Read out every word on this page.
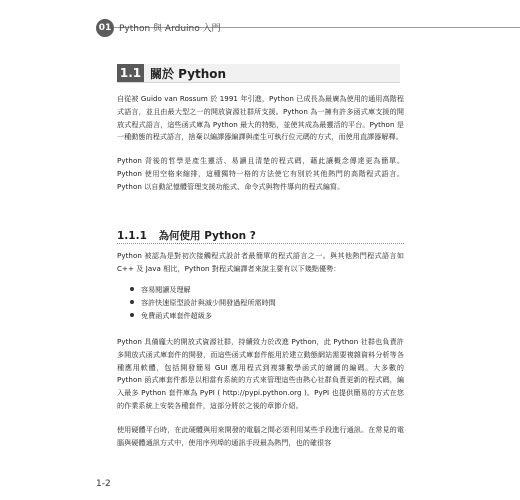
01 Python 與 Arduino 入門
1.1 關於 Python

自從被 Guido van Rossum 於 1991 年引進，Python 已成長為最廣為使用的通用高階程式語言，並且由最大型之一的開放資源社群所支援。Python 為一擁有許多函式庫支援的開放式程式語言，這些函式庫為 Python 最大的特點，並使其成為最靈活的平台。Python 是一種動態的程式語言，捨棄以編譯器編譯與產生可執行位元碼的方式，而使用直譯器解釋。

Python 背後的哲學是產生靈活、易讀且清楚的程式碼，藉此讓概念傳達更為簡單。Python 使用空格來縮排，這種獨特一格的方法使它有別於其他熱門的高階程式語言。Python 以自動記憶體管理支援功能式、命令式與物件導向的程式編寫。

1.1.1 為何使用 Python ?

Python 被認為是對初次接觸程式設計者最簡單的程式語言之一。與其他熱門程式語言如 C++ 及 Java 相比，Python 對程式編譯者來說主要有以下幾點優勢：

容易閱讀及理解
容許快速原型設計與減少開發過程所需時間
免費函式庫套件超級多

Python 具備龐大的開放式資源社群，持續致力於改進 Python，此 Python 社群也負責許多開放式函式庫套件的開發，而這些函式庫套件能用於建立動態網站需要複雜資料分析等各種應用軟體，包括開發簡易 GUI 應用程式到複雜數學函式的繪圖的編碼。大多數的 Python 函式庫套件都是以相當有系統的方式來管理這些由熱心社群負責更新的程式碼，編入最多 Python 套件庫為 PyPI ( http://pypi.python.org )。PyPI 也提供簡易的方式在您的作業系統上安裝各種套件，這部分將於之後的章節介紹。

使用硬體平台時，在此硬體與用來開發的電腦之間必須利用某些手段進行通訊。在常見的電腦與硬體通訊方式中，使用序列埠的通訊手段最為熱門，也的確很容

1-2
